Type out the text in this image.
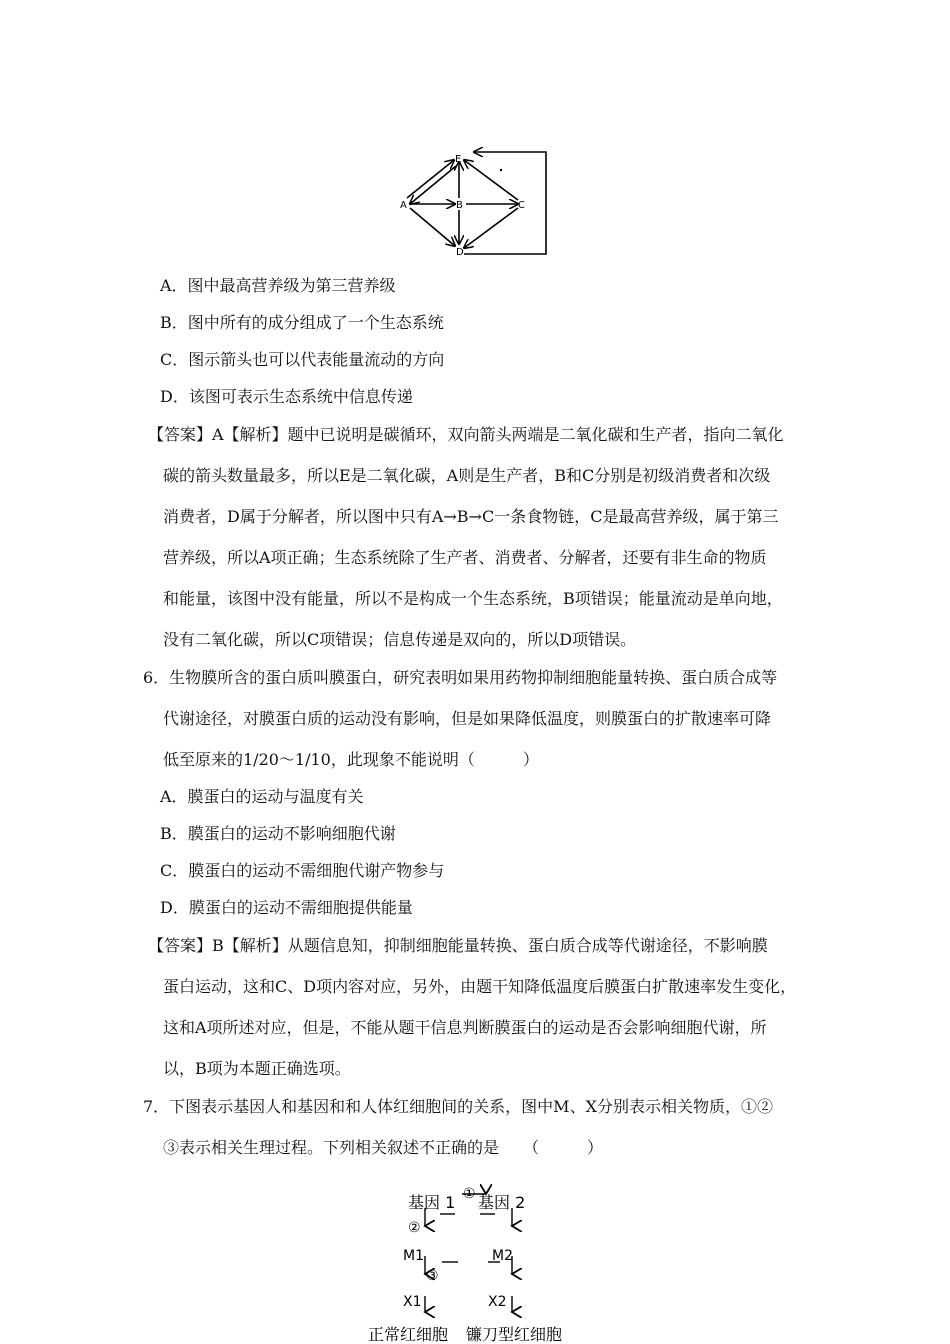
A	B	C
D
E
A．图中最高营养级为第三营养级
B．图中所有的成分组成了一个生态系统
C．图示箭头也可以代表能量流动的方向
D．该图可表示生态系统中信息传递
【答案】A【解析】题中已说明是碳循环，双向箭头两端是二氧化碳和生产者，指向二氧化
碳的箭头数量最多，所以E是二氧化碳，A则是生产者，B和C分别是初级消费者和次级
消费者，D属于分解者，所以图中只有A→B→C一条食物链，C是最高营养级，属于第三
营养级，所以A项正确；生态系统除了生产者、消费者、分解者，还要有非生命的物质
和能量，该图中没有能量，所以不是构成一个生态系统，B项错误；能量流动是单向地，
没有二氧化碳，所以C项错误；信息传递是双向的，所以D项错误。
6．生物膜所含的蛋白质叫膜蛋白，研究表明如果用药物抑制细胞能量转换、蛋白质合成等
代谢途径，对膜蛋白质的运动没有影响，但是如果降低温度，则膜蛋白的扩散速率可降
低至原来的1/20～1/10，此现象不能说明（　　　）
A．膜蛋白的运动与温度有关
B．膜蛋白的运动不影响细胞代谢
C．膜蛋白的运动不需细胞代谢产物参与
D．膜蛋白的运动不需细胞提供能量
【答案】B【解析】从题信息知，抑制细胞能量转换、蛋白质合成等代谢途径，不影响膜
蛋白运动，这和C、D项内容对应，另外，由题干知降低温度后膜蛋白扩散速率发生变化，
这和A项所述对应，但是，不能从题干信息判断膜蛋白的运动是否会影响细胞代谢，所
以，B项为本题正确选项。
7．下图表示基因人和基因和和人体红细胞间的关系，图中M、X分别表示相关物质，①②
③表示相关生理过程。下列相关叙述不正确的是　　（　　　）
基因 1 基因 2
①
②
③
M1	M2
X1	X2
正常红细胞 镰刀型红细胞
